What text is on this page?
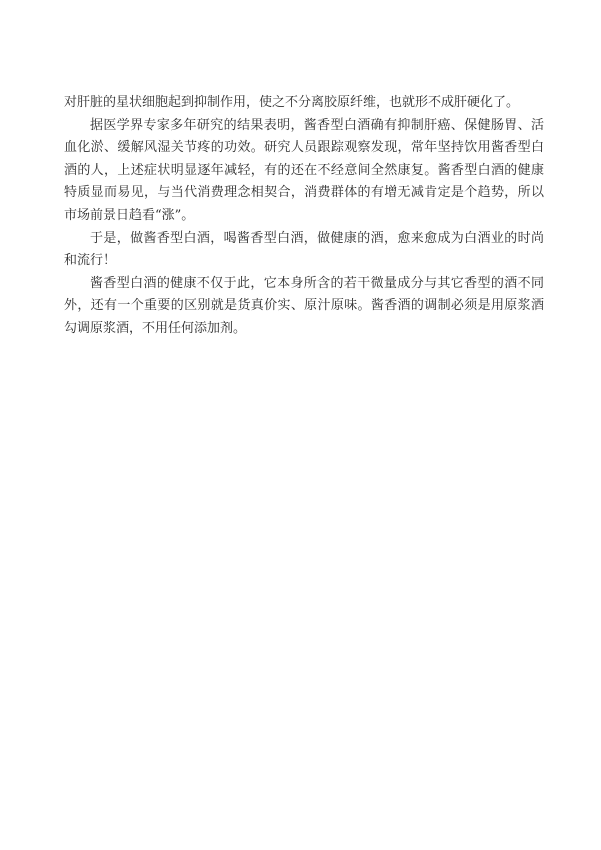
对肝脏的星状细胞起到抑制作用，使之不分离胶原纤维，也就形不成肝硬化了。

据医学界专家多年研究的结果表明，酱香型白酒确有抑制肝癌、保健肠胃、活血化淤、缓解风湿关节疼的功效。研究人员跟踪观察发现，常年坚持饮用酱香型白酒的人，上述症状明显逐年减轻，有的还在不经意间全然康复。酱香型白酒的健康特质显而易见，与当代消费理念相契合，消费群体的有增无减肯定是个趋势，所以市场前景日趋看“涨”。

于是，做酱香型白酒，喝酱香型白酒，做健康的酒，愈来愈成为白酒业的时尚和流行！

酱香型白酒的健康不仅于此，它本身所含的若干微量成分与其它香型的酒不同外，还有一个重要的区别就是货真价实、原汁原味。酱香酒的调制必须是用原浆酒勾调原浆酒，不用任何添加剂。
